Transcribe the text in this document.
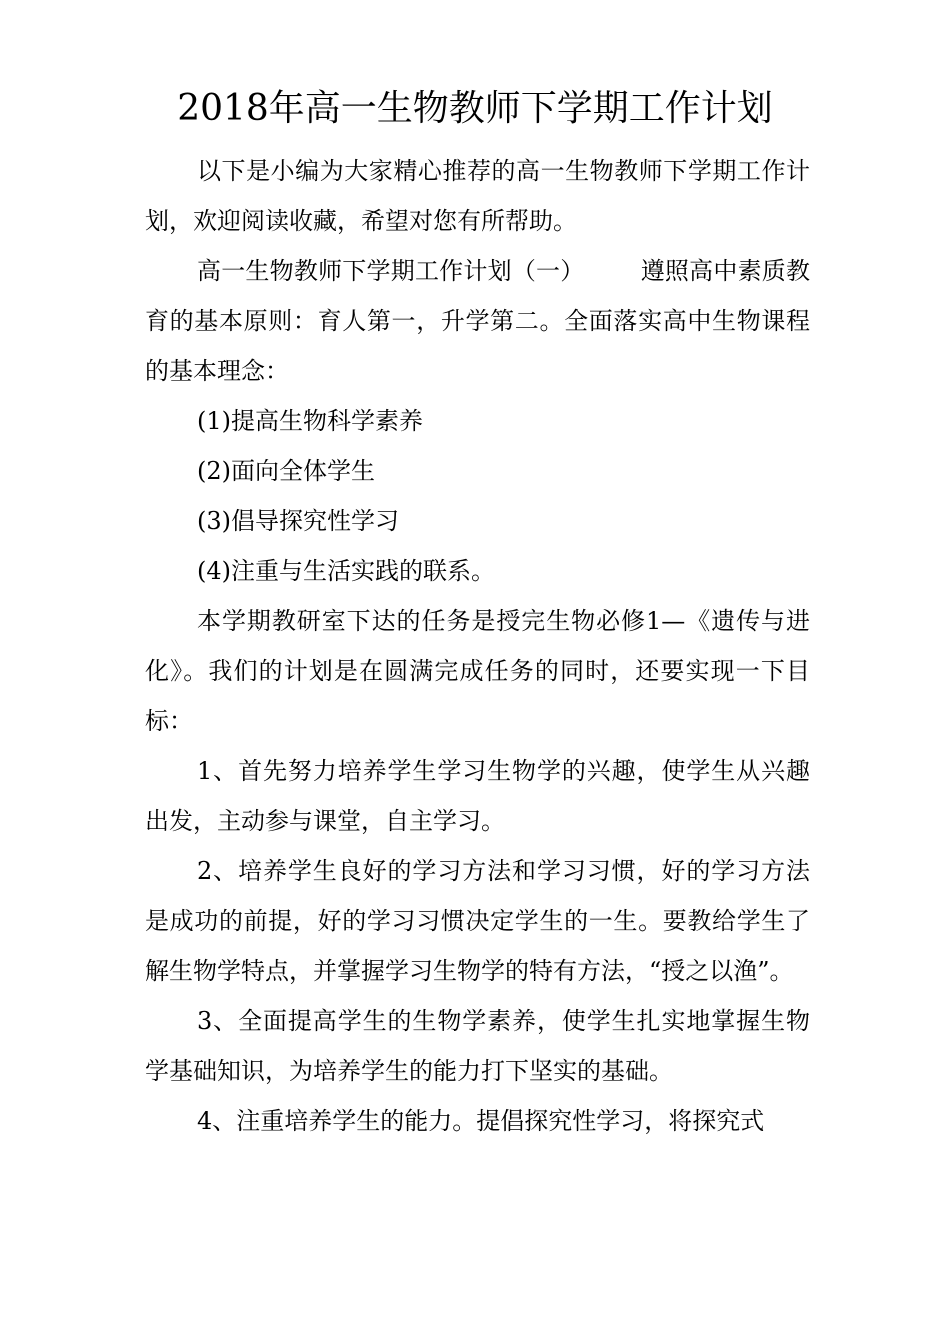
2018年高一生物教师下学期工作计划

以下是小编为大家精心推荐的高一生物教师下学期工作计划，欢迎阅读收藏，希望对您有所帮助。

高一生物教师下学期工作计划（一） 遵照高中素质教育的基本原则：育人第一，升学第二。全面落实高中生物课程的基本理念：

(1)提高生物科学素养

(2)面向全体学生

(3)倡导探究性学习

(4)注重与生活实践的联系。

本学期教研室下达的任务是授完生物必修1—《遗传与进化》。我们的计划是在圆满完成任务的同时，还要实现一下目标：

1、首先努力培养学生学习生物学的兴趣，使学生从兴趣出发，主动参与课堂，自主学习。

2、培养学生良好的学习方法和学习习惯，好的学习方法是成功的前提，好的学习习惯决定学生的一生。要教给学生了解生物学特点，并掌握学习生物学的特有方法，“授之以渔”。

3、全面提高学生的生物学素养，使学生扎实地掌握生物学基础知识，为培养学生的能力打下坚实的基础。

4、注重培养学生的能力。提倡探究性学习，将探究式
